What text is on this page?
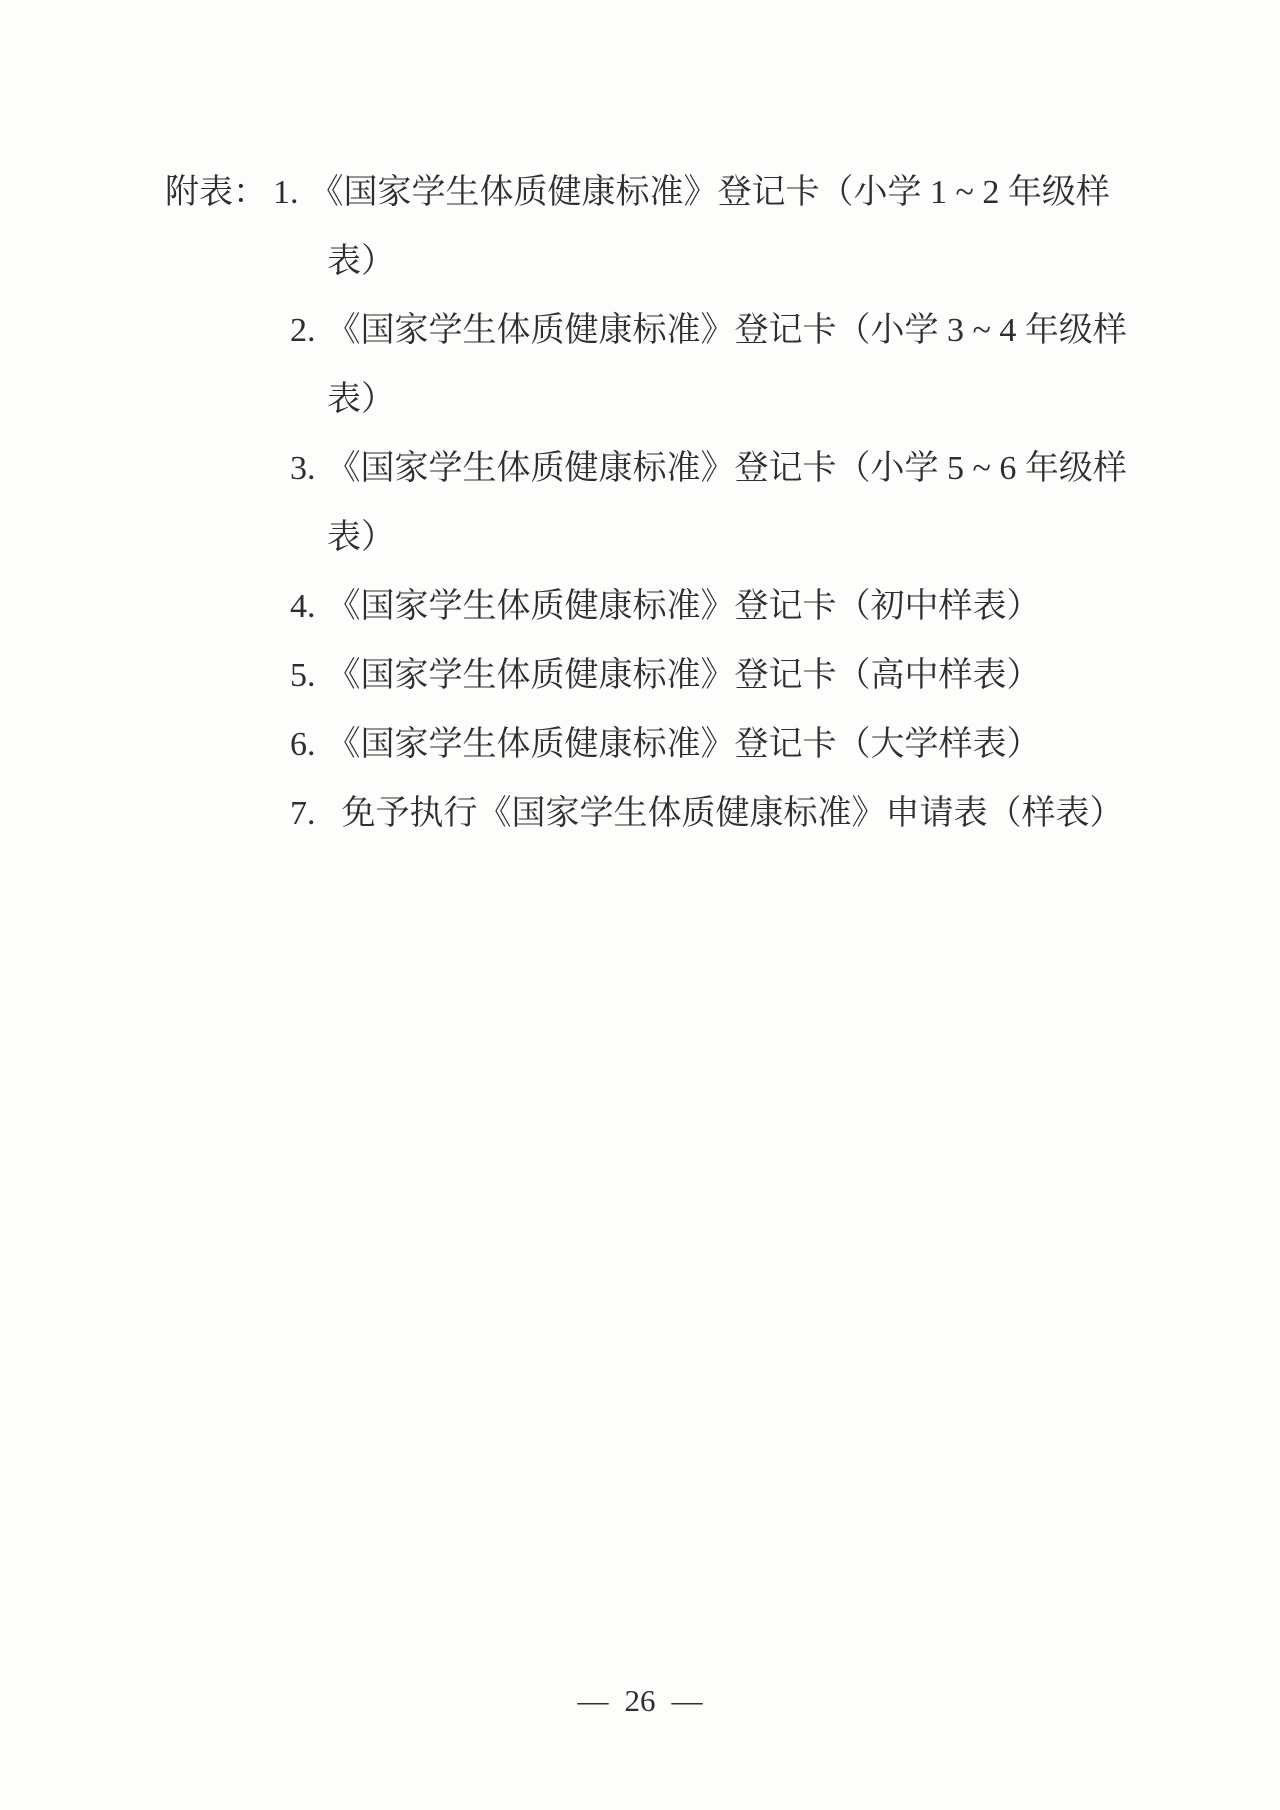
附表： 1. 《国家学生体质健康标准》登记卡（小学 1 ~ 2 年级样
表）
2. 《国家学生体质健康标准》登记卡（小学 3 ~ 4 年级样
表）
3. 《国家学生体质健康标准》登记卡（小学 5 ~ 6 年级样
表）
4. 《国家学生体质健康标准》登记卡（初中样表）
5. 《国家学生体质健康标准》登记卡（高中样表）
6. 《国家学生体质健康标准》登记卡（大学样表）
7. 免予执行《国家学生体质健康标准》申请表（样表）
— 26 —
